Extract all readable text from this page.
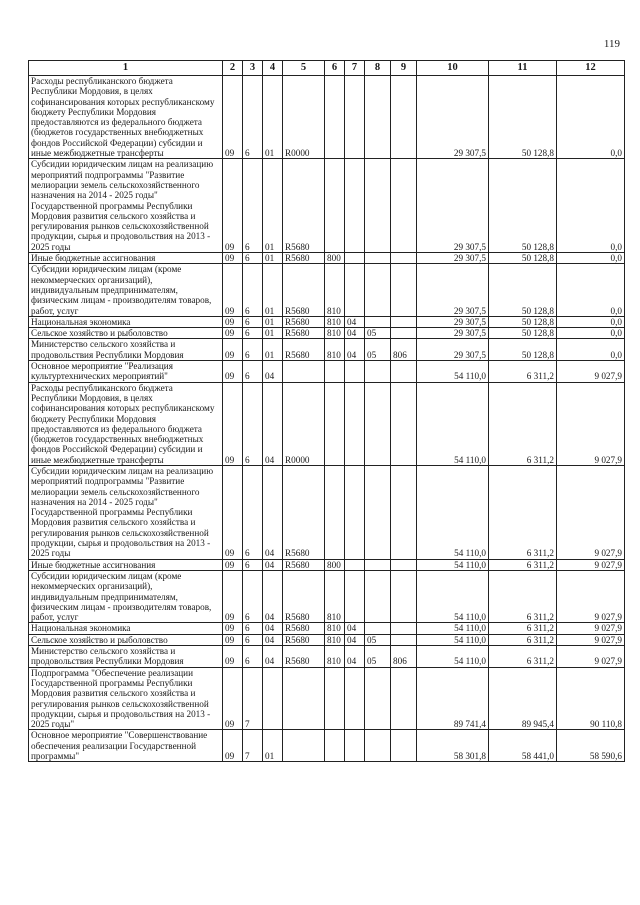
119
1	2	3	4	5	6	7	8	9	10	11	12
Расходы республиканского бюджета Республики Мордовия, в целях софинансирования которых республиканскому бюджету Республики Мордовия предоставляются из федерального бюджета (бюджетов государственных внебюджетных фондов Российской Федерации) субсидии и иные межбюджетные трансферты	09	6	01	R0000					29 307,5	50 128,8	0,0
Субсидии юридическим лицам на реализацию мероприятий подпрограммы "Развитие мелиорации земель сельскохозяйственного назначения на 2014 - 2025 годы" Государственной программы Республики Мордовия развития сельского хозяйства и регулирования рынков сельскохозяйственной продукции, сырья и продовольствия на 2013 - 2025 годы	09	6	01	R5680					29 307,5	50 128,8	0,0
Иные бюджетные ассигнования	09	6	01	R5680	800				29 307,5	50 128,8	0,0
Субсидии юридическим лицам (кроме некоммерческих организаций), индивидуальным предпринимателям, физическим лицам - производителям товаров, работ, услуг	09	6	01	R5680	810				29 307,5	50 128,8	0,0
Национальная экономика	09	6	01	R5680	810	04			29 307,5	50 128,8	0,0
Сельское хозяйство и рыболовство	09	6	01	R5680	810	04	05		29 307,5	50 128,8	0,0
Министерство сельского хозяйства и продовольствия Республики Мордовия	09	6	01	R5680	810	04	05	806	29 307,5	50 128,8	0,0
Основное мероприятие "Реализация культуртехнических мероприятий"	09	6	04						54 110,0	6 311,2	9 027,9
Расходы республиканского бюджета Республики Мордовия, в целях софинансирования которых республиканскому бюджету Республики Мордовия предоставляются из федерального бюджета (бюджетов государственных внебюджетных фондов Российской Федерации) субсидии и иные межбюджетные трансферты	09	6	04	R0000					54 110,0	6 311,2	9 027,9
Субсидии юридическим лицам на реализацию мероприятий подпрограммы "Развитие мелиорации земель сельскохозяйственного назначения на 2014 - 2025 годы" Государственной программы Республики Мордовия развития сельского хозяйства и регулирования рынков сельскохозяйственной продукции, сырья и продовольствия на 2013 - 2025 годы	09	6	04	R5680					54 110,0	6 311,2	9 027,9
Иные бюджетные ассигнования	09	6	04	R5680	800				54 110,0	6 311,2	9 027,9
Субсидии юридическим лицам (кроме некоммерческих организаций), индивидуальным предпринимателям, физическим лицам - производителям товаров, работ, услуг	09	6	04	R5680	810				54 110,0	6 311,2	9 027,9
Национальная экономика	09	6	04	R5680	810	04			54 110,0	6 311,2	9 027,9
Сельское хозяйство и рыболовство	09	6	04	R5680	810	04	05		54 110,0	6 311,2	9 027,9
Министерство сельского хозяйства и продовольствия Республики Мордовия	09	6	04	R5680	810	04	05	806	54 110,0	6 311,2	9 027,9
Подпрограмма "Обеспечение реализации Государственной программы Республики Мордовия развития сельского хозяйства и регулирования рынков сельскохозяйственной продукции, сырья и продовольствия на 2013 - 2025 годы"	09	7							89 741,4	89 945,4	90 110,8
Основное мероприятие "Совершенствование обеспечения реализации Государственной программы"	09	7	01						58 301,8	58 441,0	58 590,6
